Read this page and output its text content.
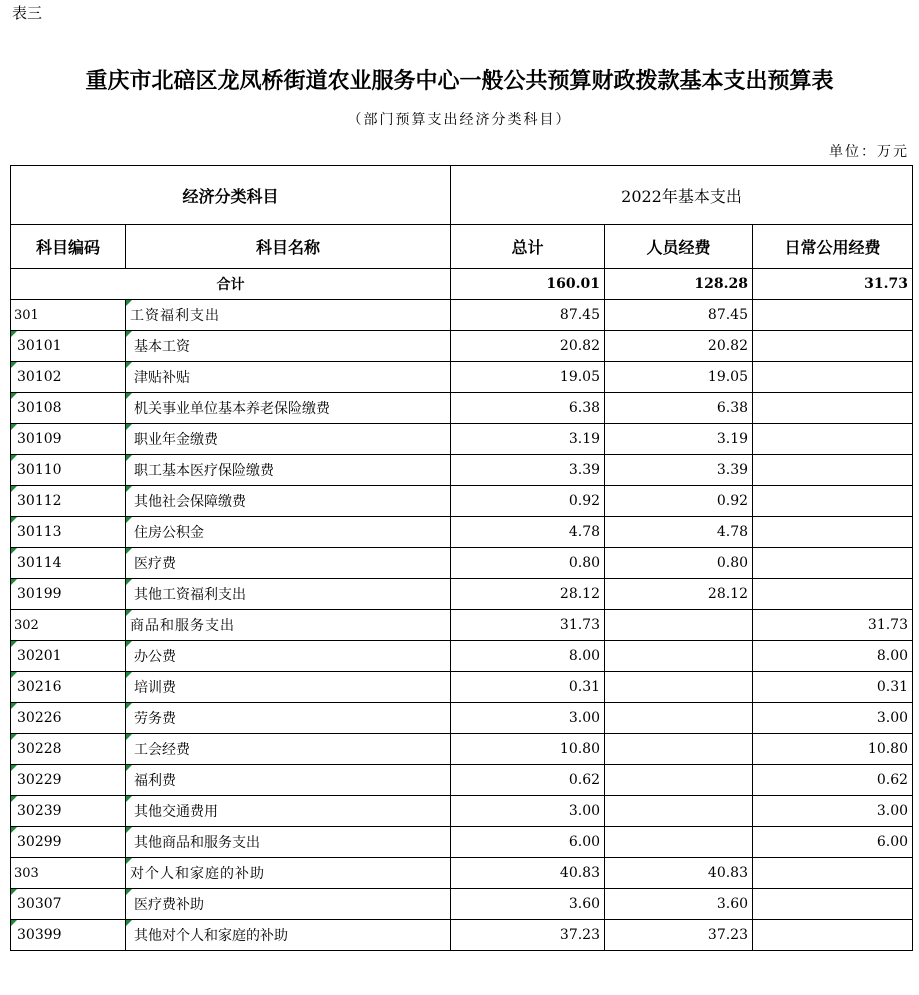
表三
重庆市北碚区龙凤桥街道农业服务中心一般公共预算财政拨款基本支出预算表
（部门预算支出经济分类科目）
单位：万元
经济分类科目		2022年基本支出		
科目编码	科目名称	总计	人员经费	日常公用经费
合计		160.01	128.28	31.73
301	工资福利支出	87.45	87.45	

30101	基本工资	20.82	20.82	

30102	津贴补贴	19.05	19.05	

30108	机关事业单位基本养老保险缴费	6.38	6.38	

30109	职业年金缴费	3.19	3.19	

30110	职工基本医疗保险缴费	3.39	3.39	

30112	其他社会保障缴费	0.92	0.92	

30113	住房公积金	4.78	4.78	

30114	医疗费	0.80	0.80	

30199	其他工资福利支出	28.12	28.12	
302	商品和服务支出	31.73		31.73

30201	办公费	8.00		8.00

30216	培训费	0.31		0.31

30226	劳务费	3.00		3.00

30228	工会经费	10.80		10.80

30229	福利费	0.62		0.62

30239	其他交通费用	3.00		3.00

30299	其他商品和服务支出	6.00		6.00
303	对个人和家庭的补助	40.83	40.83	

30307	医疗费补助	3.60	3.60	

30399	其他对个人和家庭的补助	37.23	37.23	
